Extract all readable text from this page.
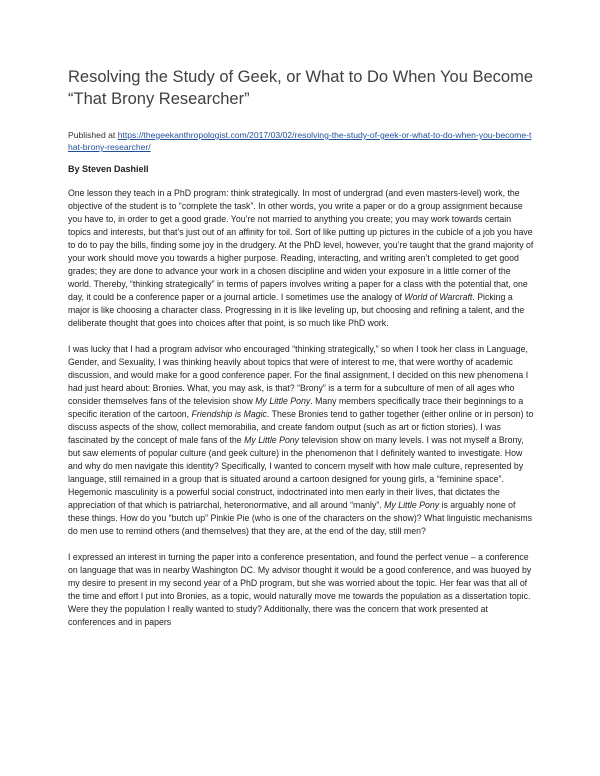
Resolving the Study of Geek, or What to Do When You Become “That Brony Researcher”
Published at https://thegeekanthropologist.com/2017/03/02/resolving-the-study-of-geek-or-what-to-do-when-you-become-that-brony-researcher/
By Steven Dashiell

One lesson they teach in a PhD program: think strategically. In most of undergrad (and even masters-level) work, the objective of the student is to “complete the task”. In other words, you write a paper or do a group assignment because you have to, in order to get a good grade. You’re not married to anything you create; you may work towards certain topics and interests, but that’s just out of an affinity for toil. Sort of like putting up pictures in the cubicle of a job you have to do to pay the bills, finding some joy in the drudgery. At the PhD level, however, you’re taught that the grand majority of your work should move you towards a higher purpose. Reading, interacting, and writing aren’t completed to get good grades; they are done to advance your work in a chosen discipline and widen your exposure in a little corner of the world. Thereby, “thinking strategically” in terms of papers involves writing a paper for a class with the potential that, one day, it could be a conference paper or a journal article. I sometimes use the analogy of World of Warcraft. Picking a major is like choosing a character class. Progressing in it is like leveling up, but choosing and refining a talent, and the deliberate thought that goes into choices after that point, is so much like PhD work.

I was lucky that I had a program advisor who encouraged “thinking strategically,” so when I took her class in Language, Gender, and Sexuality, I was thinking heavily about topics that were of interest to me, that were worthy of academic discussion, and would make for a good conference paper. For the final assignment, I decided on this new phenomena I had just heard about: Bronies. What, you may ask, is that? “Brony” is a term for a subculture of men of all ages who consider themselves fans of the television show My Little Pony. Many members specifically trace their beginnings to a specific iteration of the cartoon, Friendship is Magic. These Bronies tend to gather together (either online or in person) to discuss aspects of the show, collect memorabilia, and create fandom output (such as art or fiction stories). I was fascinated by the concept of male fans of the My Little Pony television show on many levels. I was not myself a Brony, but saw elements of popular culture (and geek culture) in the phenomenon that I definitely wanted to investigate. How and why do men navigate this identity? Specifically, I wanted to concern myself with how male culture, represented by language, still remained in a group that is situated around a cartoon designed for young girls, a “feminine space”. Hegemonic masculinity is a powerful social construct, indoctrinated into men early in their lives, that dictates the appreciation of that which is patriarchal, heteronormative, and all around “manly”. My Little Pony is arguably none of these things. How do you “butch up” Pinkie Pie (who is one of the characters on the show)? What linguistic mechanisms do men use to remind others (and themselves) that they are, at the end of the day, still men?

I expressed an interest in turning the paper into a conference presentation, and found the perfect venue – a conference on language that was in nearby Washington DC. My advisor thought it would be a good conference, and was buoyed by my desire to present in my second year of a PhD program, but she was worried about the topic. Her fear was that all of the time and effort I put into Bronies, as a topic, would naturally move me towards the population as a dissertation topic. Were they the population I really wanted to study? Additionally, there was the concern that work presented at conferences and in papers
